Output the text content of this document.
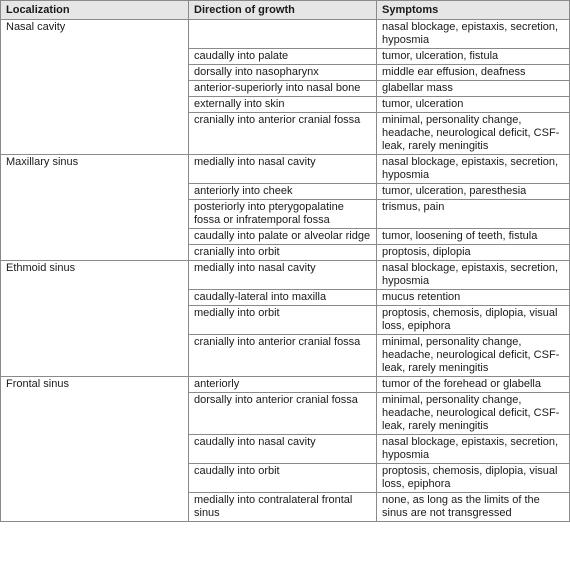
Localization	Direction of growth	Symptoms
Nasal cavity		nasal blockage, epistaxis, secretion, hyposmia
	caudally into palate	tumor, ulceration, fistula
	dorsally into nasopharynx	middle ear effusion, deafness
	anterior-superiorly into nasal bone	glabellar mass
	externally into skin	tumor, ulceration
	cranially into anterior cranial fossa	minimal, personality change, headache, neurological deficit, CSF-leak, rarely meningitis
Maxillary sinus	medially into nasal cavity	nasal blockage, epistaxis, secretion, hyposmia
	anteriorly into cheek	tumor, ulceration, paresthesia
	posteriorly into pterygopalatine fossa or infratemporal fossa	trismus, pain
	caudally into palate or alveolar ridge	tumor, loosening of teeth, fistula
	cranially into orbit	proptosis, diplopia
Ethmoid sinus	medially into nasal cavity	nasal blockage, epistaxis, secretion, hyposmia
	caudally-lateral into maxilla	mucus retention
	medially into orbit	proptosis, chemosis, diplopia, visual loss, epiphora
	cranially into anterior cranial fossa	minimal, personality change, headache, neurological deficit, CSF-leak, rarely meningitis
Frontal sinus	anteriorly	tumor of the forehead or glabella
	dorsally into anterior cranial fossa	minimal, personality change, headache, neurological deficit, CSF-leak, rarely meningitis
	caudally into nasal cavity	nasal blockage, epistaxis, secretion, hyposmia
	caudally into orbit	proptosis, chemosis, diplopia, visual loss, epiphora
	medially into contralateral frontal sinus	none, as long as the limits of the sinus are not transgressed
